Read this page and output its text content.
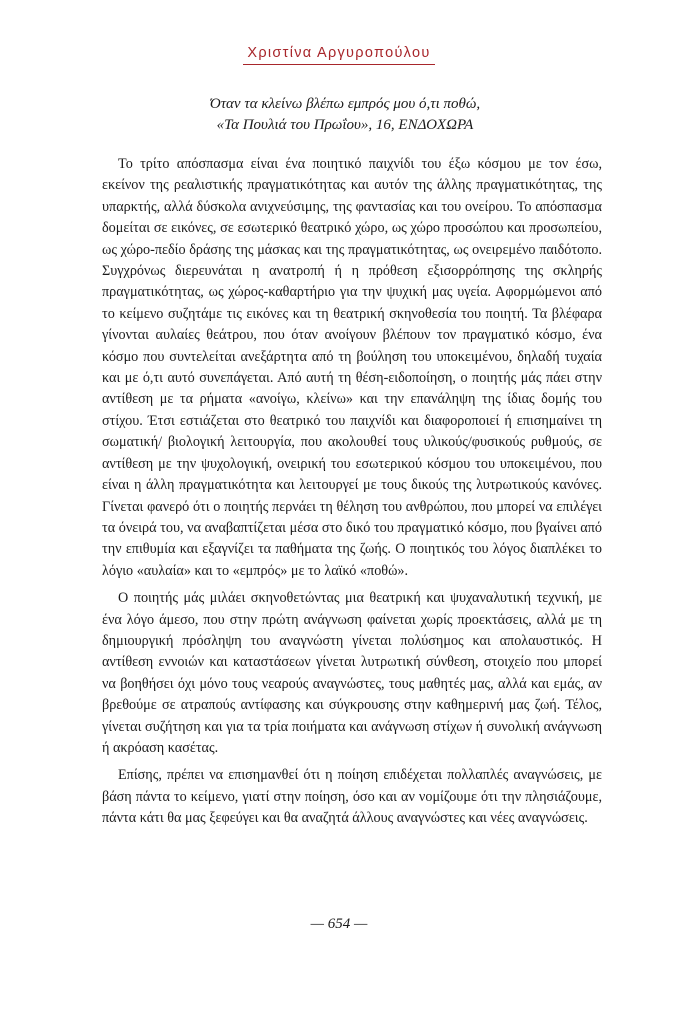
Χριστίνα Αργυροπούλου
Όταν τα κλείνω βλέπω εμπρός μου ό,τι ποθώ,
«Τα Πουλιά του Πρωΐου», 16, ΕΝΔΟΧΩΡΑ

Το τρίτο απόσπασμα είναι ένα ποιητικό παιχνίδι του έξω κόσμου με τον έσω, εκείνον της ρεαλιστικής πραγματικότητας και αυτόν της άλλης πραγματικότητας, της υπαρκτής, αλλά δύσκολα ανιχνεύσιμης, της φαντασίας και του ονείρου. Το απόσπασμα δομείται σε εικόνες, σε εσωτερικό θεατρικό χώρο, ως χώρο προσώπου και προσωπείου, ως χώρο-πεδίο δράσης της μάσκας και της πραγματικότητας, ως ονειρεμένο παιδότοπο. Συγχρόνως διερευνάται η ανατροπή ή η πρόθεση εξισορρόπησης της σκληρής πραγματικότητας, ως χώρος-καθαρτήριο για την ψυχική μας υγεία. Αφορμώμενοι από το κείμενο συζητάμε τις εικόνες και τη θεατρική σκηνοθεσία του ποιητή. Τα βλέφαρα γίνονται αυλαίες θεάτρου, που όταν ανοίγουν βλέπουν τον πραγματικό κόσμο, ένα κόσμο που συντελείται ανεξάρτητα από τη βούληση του υποκειμένου, δηλαδή τυχαία και με ό,τι αυτό συνεπάγεται. Από αυτή τη θέση-ειδοποίηση, ο ποιητής μάς πάει στην αντίθεση με τα ρήματα «ανοίγω, κλείνω» και την επανάληψη της ίδιας δομής του στίχου. Έτσι εστιάζεται στο θεατρικό του παιχνίδι και διαφοροποιεί ή επισημαίνει τη σωματική/ βιολογική λειτουργία, που ακολουθεί τους υλικούς/φυσικούς ρυθμούς, σε αντίθεση με την ψυχολογική, ονειρική του εσωτερικού κόσμου του υποκειμένου, που είναι η άλλη πραγματικότητα και λειτουργεί με τους δικούς της λυτρωτικούς κανόνες. Γίνεται φανερό ότι ο ποιητής περνάει τη θέληση του ανθρώπου, που μπορεί να επιλέγει τα όνειρά του, να αναβαπτίζεται μέσα στο δικό του πραγματικό κόσμο, που βγαίνει από την επιθυμία και εξαγνίζει τα παθήματα της ζωής. Ο ποιητικός του λόγος διαπλέκει το λόγιο «αυλαία» και το «εμπρός» με το λαϊκό «ποθώ».

Ο ποιητής μάς μιλάει σκηνοθετώντας μια θεατρική και ψυχαναλυτική τεχνική, με ένα λόγο άμεσο, που στην πρώτη ανάγνωση φαίνεται χωρίς προεκτάσεις, αλλά με τη δημιουργική πρόσληψη του αναγνώστη γίνεται πολύσημος και απολαυστικός. Η αντίθεση εννοιών και καταστάσεων γίνεται λυτρωτική σύνθεση, στοιχείο που μπορεί να βοηθήσει όχι μόνο τους νεαρούς αναγνώστες, τους μαθητές μας, αλλά και εμάς, αν βρεθούμε σε ατραπούς αντίφασης και σύγκρουσης στην καθημερινή μας ζωή. Τέλος, γίνεται συζήτηση και για τα τρία ποιήματα και ανάγνωση στίχων ή συνολική ανάγνωση ή ακρόαση κασέτας.

Επίσης, πρέπει να επισημανθεί ότι η ποίηση επιδέχεται πολλαπλές αναγνώσεις, με βάση πάντα το κείμενο, γιατί στην ποίηση, όσο και αν νομίζουμε ότι την πλησιάζουμε, πάντα κάτι θα μας ξεφεύγει και θα αναζητά άλλους αναγνώστες και νέες αναγνώσεις.

— 654 —
